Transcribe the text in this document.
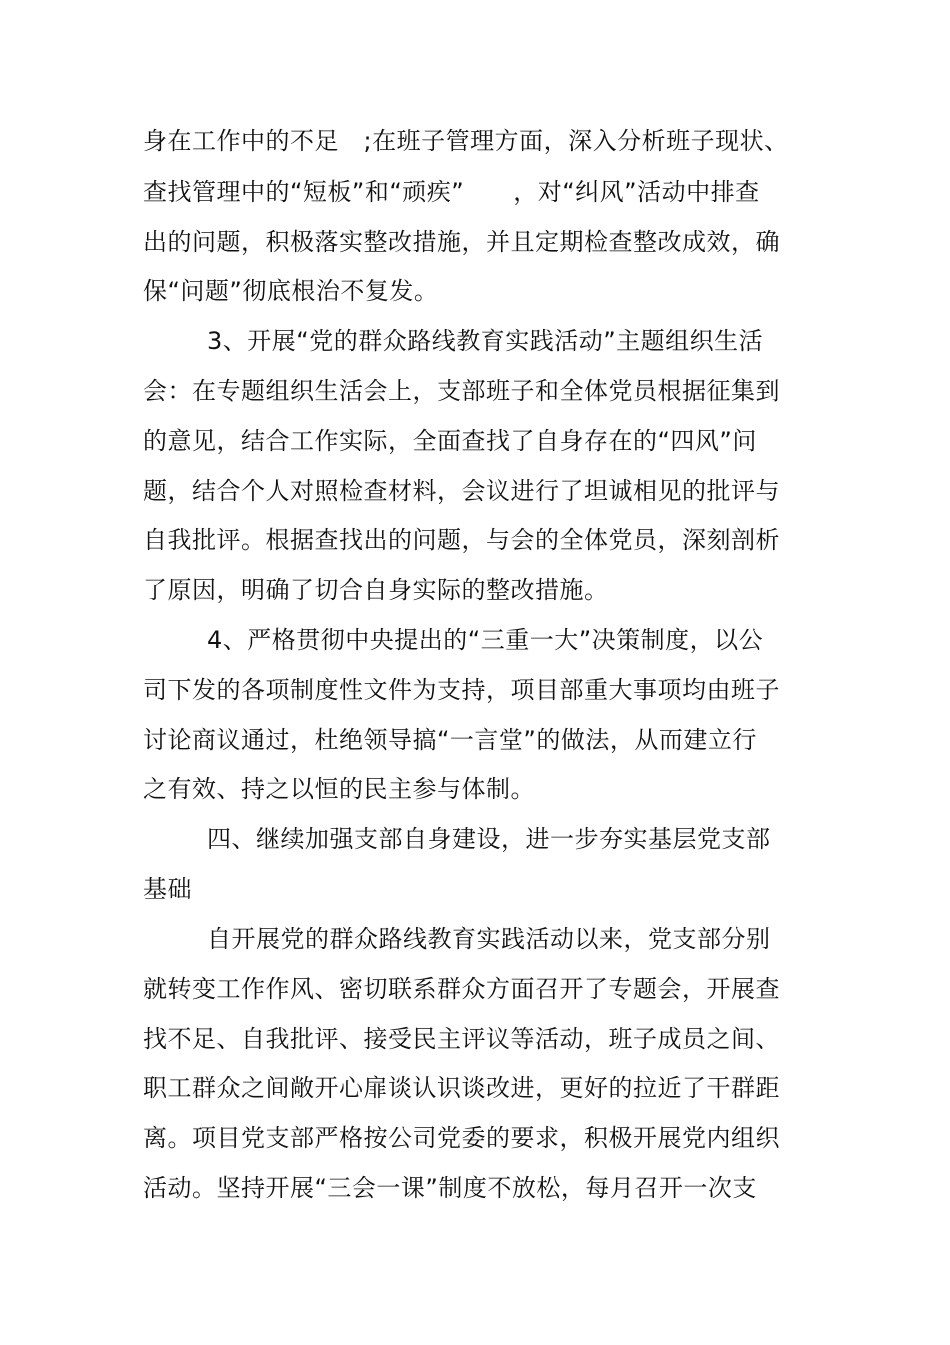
身在工作中的不足　;在班子管理方面，深入分析班子现状、
查找管理中的“短板”和“顽疾”　　，对“纠风”活动中排查
出的问题，积极落实整改措施，并且定期检查整改成效，确
保“问题”彻底根治不复发。
3、开展“党的群众路线教育实践活动”主题组织生活
会：在专题组织生活会上，支部班子和全体党员根据征集到
的意见，结合工作实际，全面查找了自身存在的“四风”问
题，结合个人对照检查材料，会议进行了坦诚相见的批评与
自我批评。根据查找出的问题，与会的全体党员，深刻剖析
了原因，明确了切合自身实际的整改措施。
4、严格贯彻中央提出的“三重一大”决策制度，以公
司下发的各项制度性文件为支持，项目部重大事项均由班子
讨论商议通过，杜绝领导搞“一言堂”的做法，从而建立行
之有效、持之以恒的民主参与体制。
四、继续加强支部自身建设，进一步夯实基层党支部
基础
自开展党的群众路线教育实践活动以来，党支部分别
就转变工作作风、密切联系群众方面召开了专题会，开展查
找不足、自我批评、接受民主评议等活动，班子成员之间、
职工群众之间敞开心扉谈认识谈改进，更好的拉近了干群距
离。项目党支部严格按公司党委的要求，积极开展党内组织
活动。坚持开展“三会一课”制度不放松，每月召开一次支
